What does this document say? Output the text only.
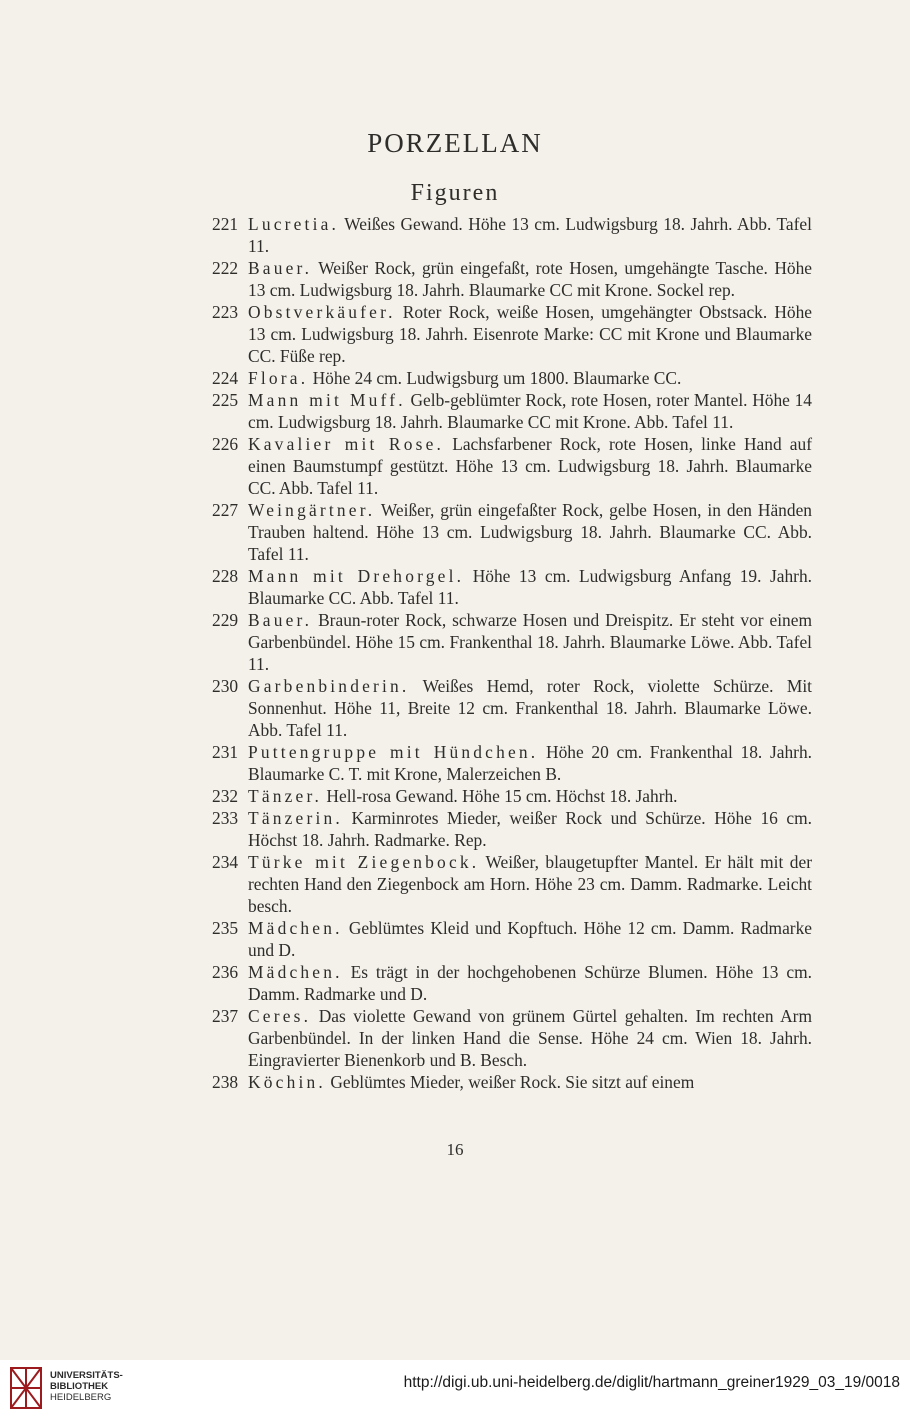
PORZELLAN
Figuren
221 Lucretia. Weißes Gewand. Höhe 13 cm. Ludwigsburg 18. Jahrh. Abb. Tafel 11.
222 Bauer. Weißer Rock, grün eingefaßt, rote Hosen, umgehängte Tasche. Höhe 13 cm. Ludwigsburg 18. Jahrh. Blaumarke CC mit Krone. Sockel rep.
223 Obstverkäufer. Roter Rock, weiße Hosen, umgehängter Obstsack. Höhe 13 cm. Ludwigsburg 18. Jahrh. Eisenrote Marke: CC mit Krone und Blaumarke CC. Füße rep.
224 Flora. Höhe 24 cm. Ludwigsburg um 1800. Blaumarke CC.
225 Mann mit Muff. Gelb-geblümter Rock, rote Hosen, roter Mantel. Höhe 14 cm. Ludwigsburg 18. Jahrh. Blaumarke CC mit Krone. Abb. Tafel 11.
226 Kavalier mit Rose. Lachsfarbener Rock, rote Hosen, linke Hand auf einen Baumstumpf gestützt. Höhe 13 cm. Ludwigsburg 18. Jahrh. Blaumarke CC. Abb. Tafel 11.
227 Weingärtner. Weißer, grün eingefaßter Rock, gelbe Hosen, in den Händen Trauben haltend. Höhe 13 cm. Ludwigsburg 18. Jahrh. Blaumarke CC. Abb. Tafel 11.
228 Mann mit Drehorgel. Höhe 13 cm. Ludwigsburg Anfang 19. Jahrh. Blaumarke CC. Abb. Tafel 11.
229 Bauer. Braun-roter Rock, schwarze Hosen und Dreispitz. Er steht vor einem Garbenbündel. Höhe 15 cm. Frankenthal 18. Jahrh. Blaumarke Löwe. Abb. Tafel 11.
230 Garbenbinderin. Weißes Hemd, roter Rock, violette Schürze. Mit Sonnenhut. Höhe 11, Breite 12 cm. Frankenthal 18. Jahrh. Blaumarke Löwe. Abb. Tafel 11.
231 Puttengruppe mit Hündchen. Höhe 20 cm. Frankenthal 18. Jahrh. Blaumarke C. T. mit Krone, Malerzeichen B.
232 Tänzer. Hell-rosa Gewand. Höhe 15 cm. Höchst 18. Jahrh.
233 Tänzerin. Karminrotes Mieder, weißer Rock und Schürze. Höhe 16 cm. Höchst 18. Jahrh. Radmarke. Rep.
234 Türke mit Ziegenbock. Weißer, blaugetupfter Mantel. Er hält mit der rechten Hand den Ziegenbock am Horn. Höhe 23 cm. Damm. Radmarke. Leicht besch.
235 Mädchen. Geblümtes Kleid und Kopftuch. Höhe 12 cm. Damm. Radmarke und D.
236 Mädchen. Es trägt in der hochgehobenen Schürze Blumen. Höhe 13 cm. Damm. Radmarke und D.
237 Ceres. Das violette Gewand von grünem Gürtel gehalten. Im rechten Arm Garbenbündel. In der linken Hand die Sense. Höhe 24 cm. Wien 18. Jahrh. Eingravierter Bienenkorb und B. Besch.
238 Köchin. Geblümtes Mieder, weißer Rock. Sie sitzt auf einem
16
UNIVERSITÄTS-
BIBLIOTHEK
HEIDELBERG
http://digi.ub.uni-heidelberg.de/diglit/hartmann_greiner1929_03_19/0018
